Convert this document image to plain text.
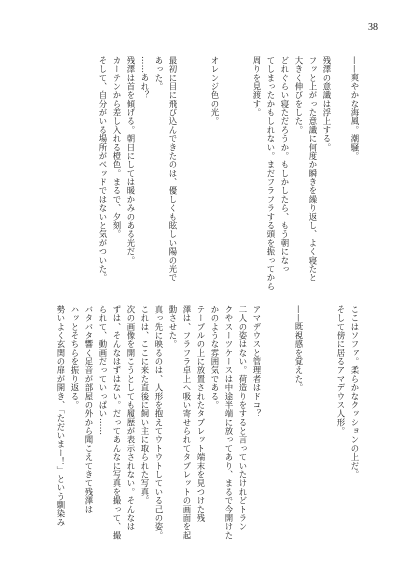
38
——爽やかな海風。潮騒。

残澤の意識は浮上する。
フッと上がった意識に何度か瞬きを繰り返し、よく寝たと
大きく伸びをした。
どれぐらい寝ただろうか。もしかしたら、もう朝になっ
てしまったかもしれない。まだフラフラする頭を振ってから
周りを見渡す。

オレンジ色の光。

最初に目に飛び込んできたのは、優しくも眩しい陽の光で
あった。
……あれ？
残澤は首を傾げる。朝日にしては暖かみのある光だ。
カーテンから差し入れる橙色。まるで、夕刻。
そして、自分がいる場所がベッドではないと気がついた。
ここはソファ。柔らかなクッションの上だ。
そして傍に居るアマデウス人形。

——既視感を覚えた。

アマデウスと管理者はドコ？
二人の姿はない。荷造りをすると言っていたけれどトラン
クやスーツケースは中途半端に放ってあり、まるで今開けた
かのような雰囲気である。
テーブルの上に放置されたタブレット端末を見つけた残
澤は、フラフラ卓上へ吸い寄せられてタブレットの画面を起
動させた。
真っ先に映るのは、人形を抱えてウトウトしている己の姿。
これは、ここに来た直後に飼い主に取られた写真。
次の画像を開こうとしても履歴が表示されない。そんなは
ずは、そんなはずはない。だってあんなに写真を撮って、撮
られて、動画だっていっぱい……
バタバタ響く足音が部屋の外から聞こえてきて残澤は
ハッとそちらを振り返る。
勢いよく玄関の扉が開き、「ただいまー！」という馴染み
